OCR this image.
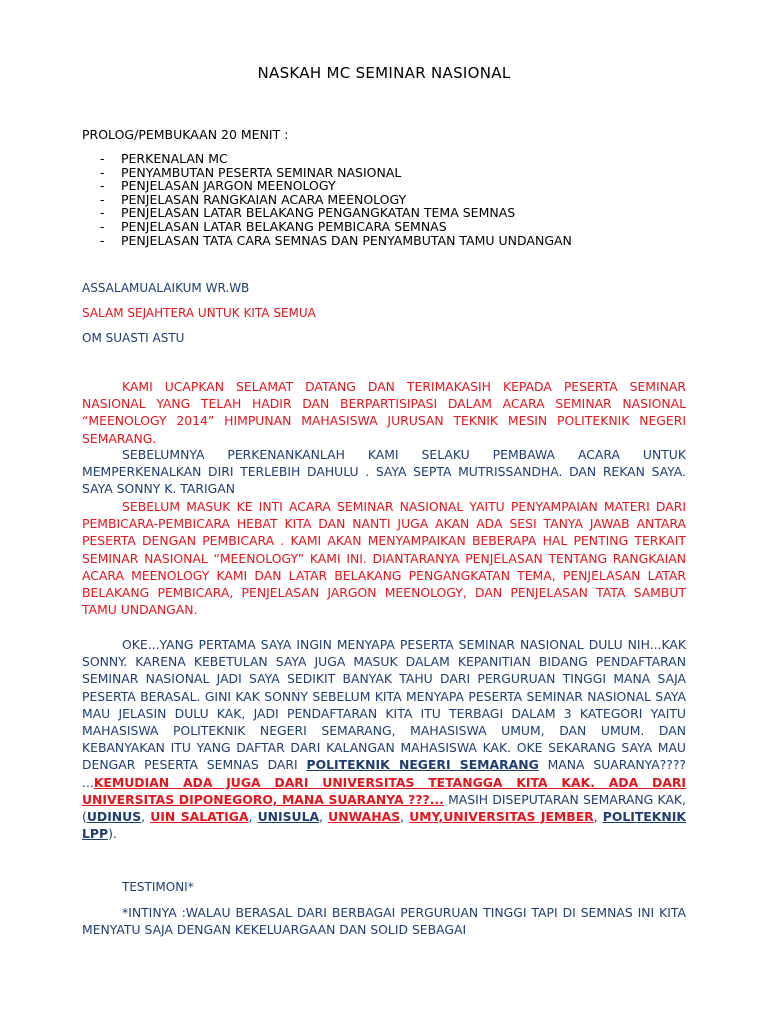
NASKAH MC SEMINAR NASIONAL
PROLOG/PEMBUKAAN 20 MENIT :
- PERKENALAN MC
- PENYAMBUTAN PESERTA SEMINAR NASIONAL
- PENJELASAN JARGON MEENOLOGY
- PENJELASAN RANGKAIAN ACARA MEENOLOGY
- PENJELASAN LATAR BELAKANG PENGANGKATAN TEMA SEMNAS
- PENJELASAN LATAR BELAKANG PEMBICARA SEMNAS
- PENJELASAN TATA CARA SEMNAS DAN PENYAMBUTAN TAMU UNDANGAN
ASSALAMUALAIKUM WR.WB
SALAM SEJAHTERA UNTUK KITA SEMUA
OM SUASTI ASTU

KAMI UCAPKAN SELAMAT DATANG DAN TERIMAKASIH KEPADA PESERTA SEMINAR NASIONAL YANG TELAH HADIR DAN BERPARTISIPASI DALAM ACARA SEMINAR NASIONAL “MEENOLOGY 2014” HIMPUNAN MAHASISWA JURUSAN TEKNIK MESIN POLITEKNIK NEGERI SEMARANG.

SEBELUMNYA PERKENANKANLAH KAMI SELAKU PEMBAWA ACARA UNTUK MEMPERKENALKAN DIRI TERLEBIH DAHULU . SAYA SEPTA MUTRISSANDHA. DAN REKAN SAYA. SAYA SONNY K. TARIGAN

SEBELUM MASUK KE INTI ACARA SEMINAR NASIONAL YAITU PENYAMPAIAN MATERI DARI PEMBICARA-PEMBICARA HEBAT KITA DAN NANTI JUGA AKAN ADA SESI TANYA JAWAB ANTARA PESERTA DENGAN PEMBICARA . KAMI AKAN MENYAMPAIKAN BEBERAPA HAL PENTING TERKAIT SEMINAR NASIONAL “MEENOLOGY” KAMI INI. DIANTARANYA PENJELASAN TENTANG RANGKAIAN ACARA MEENOLOGY KAMI DAN LATAR BELAKANG PENGANGKATAN TEMA, PENJELASAN LATAR BELAKANG PEMBICARA, PENJELASAN JARGON MEENOLOGY, DAN PENJELASAN TATA SAMBUT TAMU UNDANGAN.

OKE...YANG PERTAMA SAYA INGIN MENYAPA PESERTA SEMINAR NASIONAL DULU NIH...KAK SONNY. KARENA KEBETULAN SAYA JUGA MASUK DALAM KEPANITIAN BIDANG PENDAFTARAN SEMINAR NASIONAL JADI SAYA SEDIKIT BANYAK TAHU DARI PERGURUAN TINGGI MANA SAJA PESERTA BERASAL. GINI KAK SONNY SEBELUM KITA MENYAPA PESERTA SEMINAR NASIONAL SAYA MAU JELASIN DULU KAK, JADI PENDAFTARAN KITA ITU TERBAGI DALAM 3 KATEGORI YAITU MAHASISWA POLITEKNIK NEGERI SEMARANG, MAHASISWA UMUM, DAN UMUM. DAN KEBANYAKAN ITU YANG DAFTAR DARI KALANGAN MAHASISWA KAK. OKE SEKARANG SAYA MAU DENGAR PESERTA SEMNAS DARI POLITEKNIK NEGERI SEMARANG MANA SUARANYA???? ...KEMUDIAN ADA JUGA DARI UNIVERSITAS TETANGGA KITA KAK. ADA DARI UNIVERSITAS DIPONEGORO, MANA SUARANYA ???... MASIH DISEPUTARAN SEMARANG KAK, (UDINUS, UIN SALATIGA, UNISULA, UNWAHAS, UMY,UNIVERSITAS JEMBER, POLITEKNIK LPP).

TESTIMONI*

*INTINYA :WALAU BERASAL DARI BERBAGAI PERGURUAN TINGGI TAPI DI SEMNAS INI KITA MENYATU SAJA DENGAN KEKELUARGAAN DAN SOLID SEBAGAI
